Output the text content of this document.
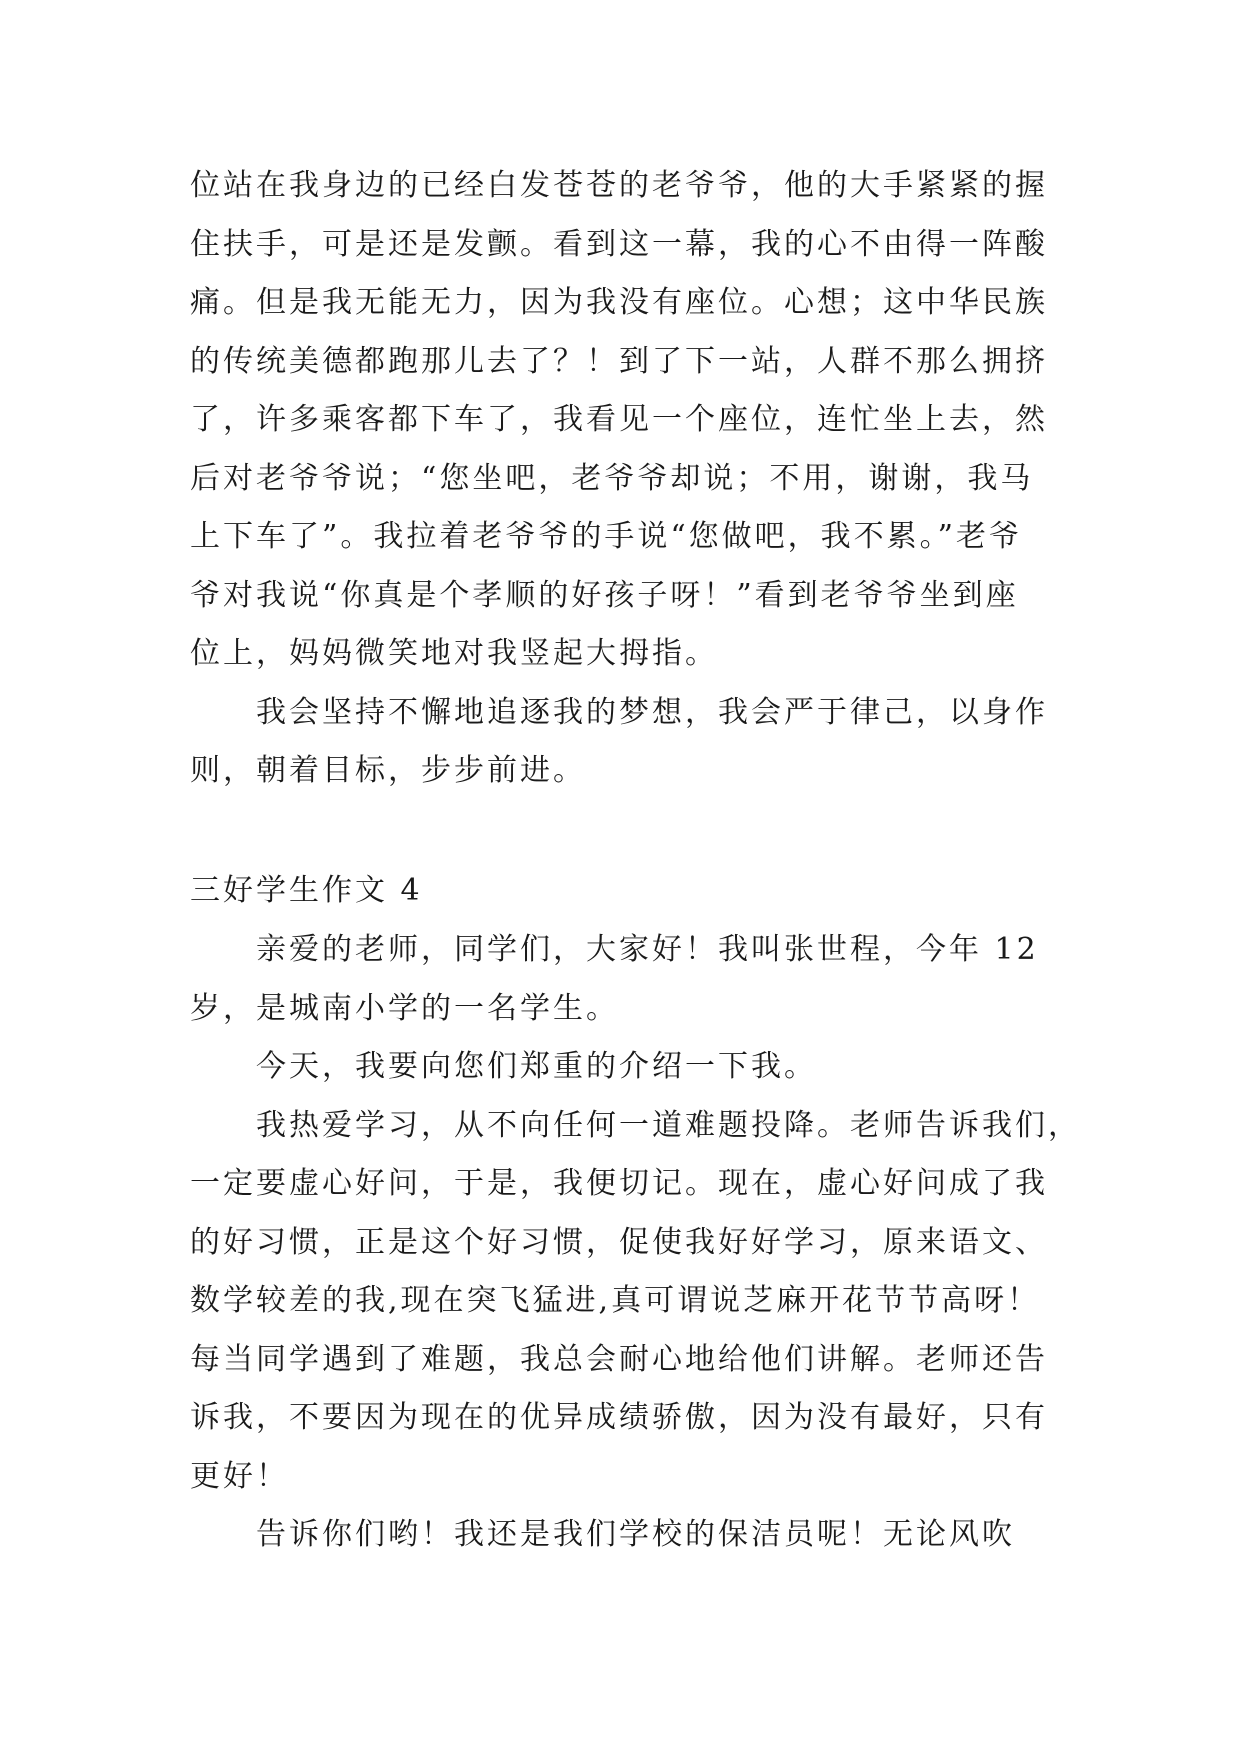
位站在我身边的已经白发苍苍的老爷爷，他的大手紧紧的握
住扶手，可是还是发颤。看到这一幕，我的心不由得一阵酸
痛。但是我无能无力，因为我没有座位。心想；这中华民族
的传统美德都跑那儿去了？！到了下一站，人群不那么拥挤
了，许多乘客都下车了，我看见一个座位，连忙坐上去，然
后对老爷爷说；“您坐吧，老爷爷却说；不用，谢谢，我马
上下车了”。我拉着老爷爷的手说“您做吧，我不累。”老爷
爷对我说“你真是个孝顺的好孩子呀！”看到老爷爷坐到座
位上，妈妈微笑地对我竖起大拇指。
我会坚持不懈地追逐我的梦想，我会严于律己，以身作
则，朝着目标，步步前进。
三好学生作文 4
亲爱的老师，同学们，大家好！我叫张世程，今年 12
岁，是城南小学的一名学生。
今天，我要向您们郑重的介绍一下我。
我热爱学习，从不向任何一道难题投降。老师告诉我们，
一定要虚心好问，于是，我便切记。现在，虚心好问成了我
的好习惯，正是这个好习惯，促使我好好学习，原来语文、
数学较差的我,现在突飞猛进,真可谓说芝麻开花节节高呀！
每当同学遇到了难题，我总会耐心地给他们讲解。老师还告
诉我，不要因为现在的优异成绩骄傲，因为没有最好，只有
更好！
告诉你们哟！我还是我们学校的保洁员呢！无论风吹
